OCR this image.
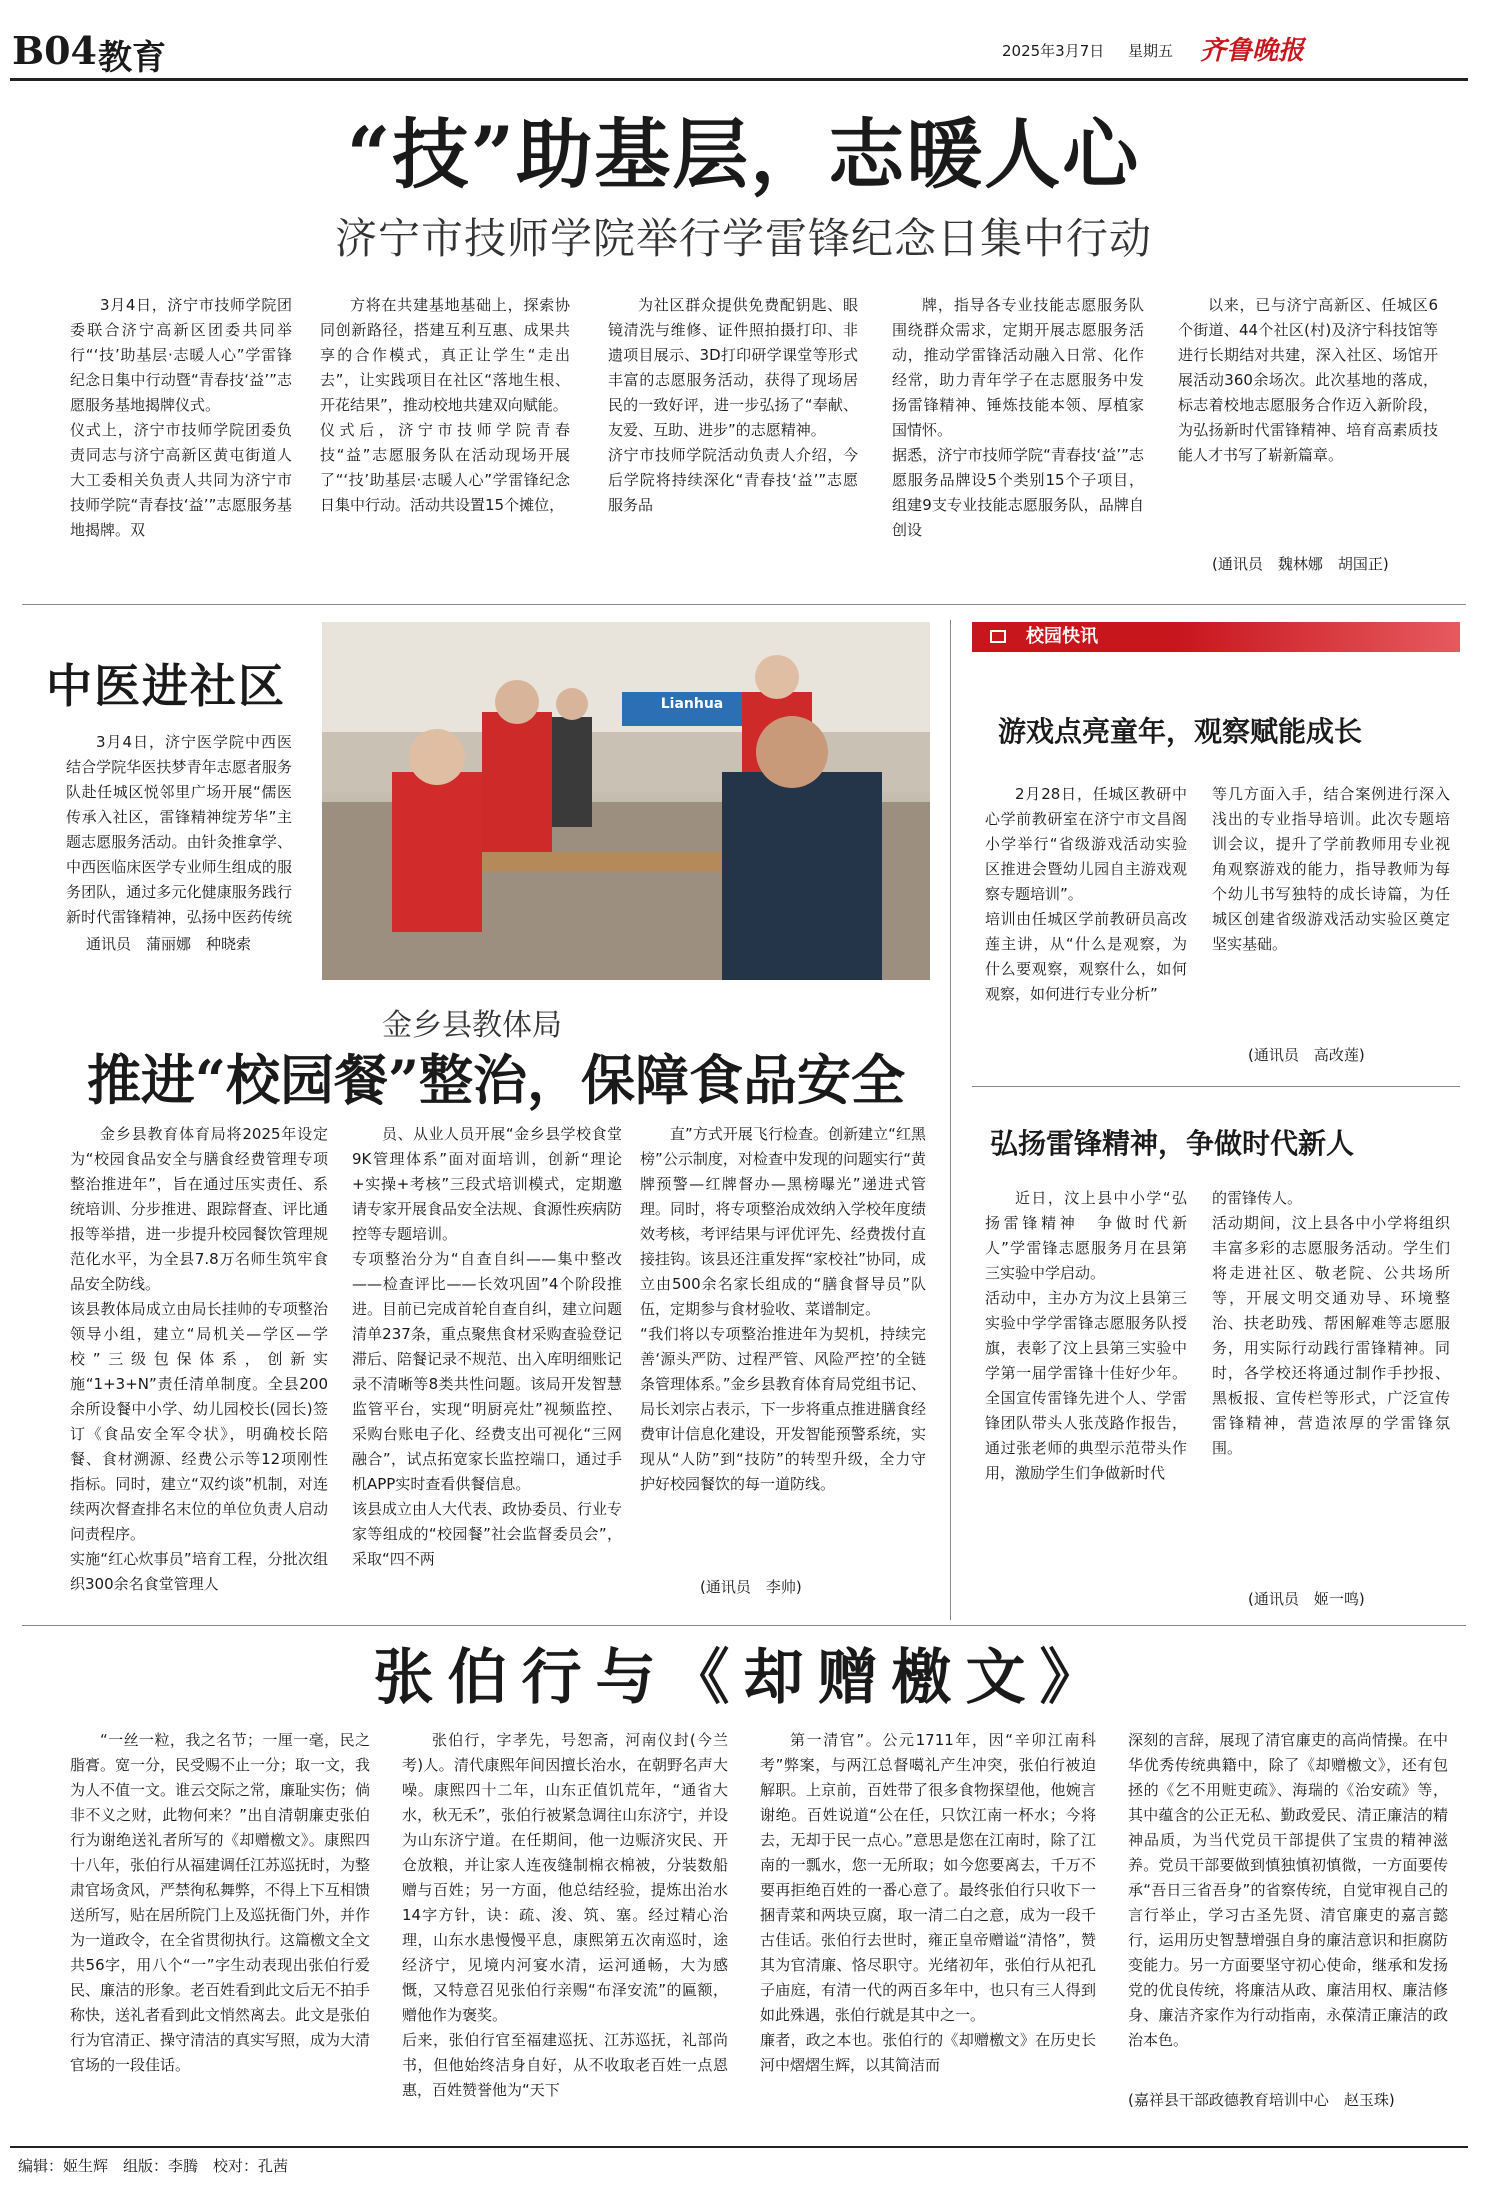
B04 教育	2025年3月7日 星期五 齐鲁晚报
“技”助基层，志暖人心
济宁市技师学院举行学雷锋纪念日集中行动

3月4日，济宁市技师学院团委联合济宁高新区团委共同举行“‘技’助基层·志暖人心”学雷锋纪念日集中行动暨“青春技‘益’”志愿服务基地揭牌仪式。
仪式上，济宁市技师学院团委负责同志与济宁高新区黄屯街道人大工委相关负责人共同为济宁市技师学院“青春技‘益’”志愿服务基地揭牌。双

方将在共建基地基础上，探索协同创新路径，搭建互利互惠、成果共享的合作模式，真正让学生“走出去”，让实践项目在社区“落地生根、开花结果”，推动校地共建双向赋能。
仪式后，济宁市技师学院青春技“益”志愿服务队在活动现场开展了“‘技’助基层·志暖人心”学雷锋纪念日集中行动。活动共设置15个摊位，

为社区群众提供免费配钥匙、眼镜清洗与维修、证件照拍摄打印、非遗项目展示、3D打印研学课堂等形式丰富的志愿服务活动，获得了现场居民的一致好评，进一步弘扬了“奉献、友爱、互助、进步”的志愿精神。
济宁市技师学院活动负责人介绍，今后学院将持续深化“青春技‘益’”志愿服务品

牌，指导各专业技能志愿服务队围绕群众需求，定期开展志愿服务活动，推动学雷锋活动融入日常、化作经常，助力青年学子在志愿服务中发扬雷锋精神、锤炼技能本领、厚植家国情怀。
据悉，济宁市技师学院“青春技‘益’”志愿服务品牌设5个类别15个子项目，组建9支专业技能志愿服务队，品牌自创设

以来，已与济宁高新区、任城区6个街道、44个社区(村)及济宁科技馆等进行长期结对共建，深入社区、场馆开展活动360余场次。此次基地的落成，标志着校地志愿服务合作迈入新阶段，为弘扬新时代雷锋精神、培育高素质技能人才书写了崭新篇章。

(通讯员　魏林娜　胡国正)
中医进社区

3月4日，济宁医学院中西医结合学院华医扶梦青年志愿者服务队赴任城区悦邻里广场开展“儒医传承入社区，雷锋精神绽芳华”主题志愿服务活动。由针灸推拿学、中西医临床医学专业师生组成的服务团队，通过多元化健康服务践行新时代雷锋精神，弘扬中医药传统

通讯员　蒲丽娜　种晓索
Lianhua
金乡县教体局
推进“校园餐”整治，保障食品安全

金乡县教育体育局将2025年设定为“校园食品安全与膳食经费管理专项整治推进年”，旨在通过压实责任、系统培训、分步推进、跟踪督查、评比通报等举措，进一步提升校园餐饮管理规范化水平，为全县7.8万名师生筑牢食品安全防线。
该县教体局成立由局长挂帅的专项整治领导小组，建立“局机关—学区—学校”三级包保体系，创新实施“1+3+N”责任清单制度。全县200余所设餐中小学、幼儿园校长(园长)签订《食品安全军令状》，明确校长陪餐、食材溯源、经费公示等12项刚性指标。同时，建立“双约谈”机制，对连续两次督查排名末位的单位负责人启动问责程序。
实施“红心炊事员”培育工程，分批次组织300余名食堂管理人

员、从业人员开展“金乡县学校食堂9K管理体系”面对面培训，创新“理论+实操+考核”三段式培训模式，定期邀请专家开展食品安全法规、食源性疾病防控等专题培训。
专项整治分为“自查自纠——集中整改——检查评比——长效巩固”4个阶段推进。目前已完成首轮自查自纠，建立问题清单237条，重点聚焦食材采购查验登记滞后、陪餐记录不规范、出入库明细账记录不清晰等8类共性问题。该局开发智慧监管平台，实现“明厨亮灶”视频监控、采购台账电子化、经费支出可视化“三网融合”，试点拓宽家长监控端口，通过手机APP实时查看供餐信息。
该县成立由人大代表、政协委员、行业专家等组成的“校园餐”社会监督委员会”，采取“四不两

直”方式开展飞行检查。创新建立“红黑榜”公示制度，对检查中发现的问题实行“黄牌预警—红牌督办—黑榜曝光”递进式管理。同时，将专项整治成效纳入学校年度绩效考核，考评结果与评优评先、经费拨付直接挂钩。该县还注重发挥“家校社”协同，成立由500余名家长组成的“膳食督导员”队伍，定期参与食材验收、菜谱制定。
“我们将以专项整治推进年为契机，持续完善‘源头严防、过程严管、风险严控’的全链条管理体系。”金乡县教育体育局党组书记、局长刘宗占表示，下一步将重点推进膳食经费审计信息化建设，开发智能预警系统，实现从“人防”到“技防”的转型升级，全力守护好校园餐饮的每一道防线。

(通讯员　李帅)
校园快讯
游戏点亮童年，观察赋能成长

2月28日，任城区教研中心学前教研室在济宁市文昌阁小学举行“省级游戏活动实验区推进会暨幼儿园自主游戏观察专题培训”。
培训由任城区学前教研员高改莲主讲，从“什么是观察，为什么要观察，观察什么，如何观察，如何进行专业分析”

等几方面入手，结合案例进行深入浅出的专业指导培训。此次专题培训会议，提升了学前教师用专业视角观察游戏的能力，指导教师为每个幼儿书写独特的成长诗篇，为任城区创建省级游戏活动实验区奠定坚实基础。

(通讯员　高改莲)
弘扬雷锋精神，争做时代新人

近日，汶上县中小学“弘扬雷锋精神　争做时代新人”学雷锋志愿服务月在县第三实验中学启动。
活动中，主办方为汶上县第三实验中学学雷锋志愿服务队授旗，表彰了汶上县第三实验中学第一届学雷锋十佳好少年。全国宣传雷锋先进个人、学雷锋团队带头人张茂路作报告，通过张老师的典型示范带头作用，激励学生们争做新时代

的雷锋传人。
活动期间，汶上县各中小学将组织丰富多彩的志愿服务活动。学生们将走进社区、敬老院、公共场所等，开展文明交通劝导、环境整治、扶老助残、帮困解难等志愿服务，用实际行动践行雷锋精神。同时，各学校还将通过制作手抄报、黑板报、宣传栏等形式，广泛宣传雷锋精神，营造浓厚的学雷锋氛围。

(通讯员　姬一鸣)
张伯行与《却赠檄文》

“一丝一粒，我之名节；一厘一毫，民之脂膏。宽一分，民受赐不止一分；取一文，我为人不值一文。谁云交际之常，廉耻实伤；倘非不义之财，此物何来？”出自清朝廉吏张伯行为谢绝送礼者所写的《却赠檄文》。康熙四十八年，张伯行从福建调任江苏巡抚时，为整肃官场贪风，严禁徇私舞弊，不得上下互相馈送所写，贴在居所院门上及巡抚衙门外，并作为一道政令，在全省贯彻执行。这篇檄文全文共56字，用八个“一”字生动表现出张伯行爱民、廉洁的形象。老百姓看到此文后无不拍手称快，送礼者看到此文悄然离去。此文是张伯行为官清正、操守清洁的真实写照，成为大清官场的一段佳话。

张伯行，字孝先，号恕斋，河南仪封(今兰考)人。清代康熙年间因擅长治水，在朝野名声大噪。康熙四十二年，山东正值饥荒年，“通省大水，秋无禾”，张伯行被紧急调往山东济宁，并设为山东济宁道。在任期间，他一边赈济灾民、开仓放粮，并让家人连夜缝制棉衣棉被，分装数船赠与百姓；另一方面，他总结经验，提炼出治水14字方针，诀：疏、浚、筑、塞。经过精心治理，山东水患慢慢平息，康熙第五次南巡时，途经济宁，见境内河宴水清，运河通畅，大为感慨，又特意召见张伯行亲赐“布泽安流”的匾额，赠他作为褒奖。
后来，张伯行官至福建巡抚、江苏巡抚，礼部尚书，但他始终洁身自好，从不收取老百姓一点恩惠，百姓赞誉他为“天下

第一清官”。公元1711年，因“辛卯江南科考”弊案，与两江总督噶礼产生冲突，张伯行被迫解职。上京前，百姓带了很多食物探望他，他婉言谢绝。百姓说道“公在任，只饮江南一杯水；今将去，无却于民一点心。”意思是您在江南时，除了江南的一瓢水，您一无所取；如今您要离去，千万不要再拒绝百姓的一番心意了。最终张伯行只收下一捆青菜和两块豆腐，取一清二白之意，成为一段千古佳话。张伯行去世时，雍正皇帝赠谥“清恪”，赞其为官清廉、恪尽职守。光绪初年，张伯行从祀孔子庙庭，有清一代的两百多年中，也只有三人得到如此殊遇，张伯行就是其中之一。
廉者，政之本也。张伯行的《却赠檄文》在历史长河中熠熠生辉，以其简洁而

深刻的言辞，展现了清官廉吏的高尚情操。在中华优秀传统典籍中，除了《却赠檄文》，还有包拯的《乞不用赃吏疏》、海瑞的《治安疏》等，其中蕴含的公正无私、勤政爱民、清正廉洁的精神品质，为当代党员干部提供了宝贵的精神滋养。党员干部要做到慎独慎初慎微，一方面要传承“吾日三省吾身”的省察传统，自觉审视自己的言行举止，学习古圣先贤、清官廉吏的嘉言懿行，运用历史智慧增强自身的廉洁意识和拒腐防变能力。另一方面要坚守初心使命，继承和发扬党的优良传统，将廉洁从政、廉洁用权、廉洁修身、廉洁齐家作为行动指南，永葆清正廉洁的政治本色。

(嘉祥县干部政德教育培训中心　赵玉珠)
编辑：姬生辉　组版：李腾　校对：孔茜
